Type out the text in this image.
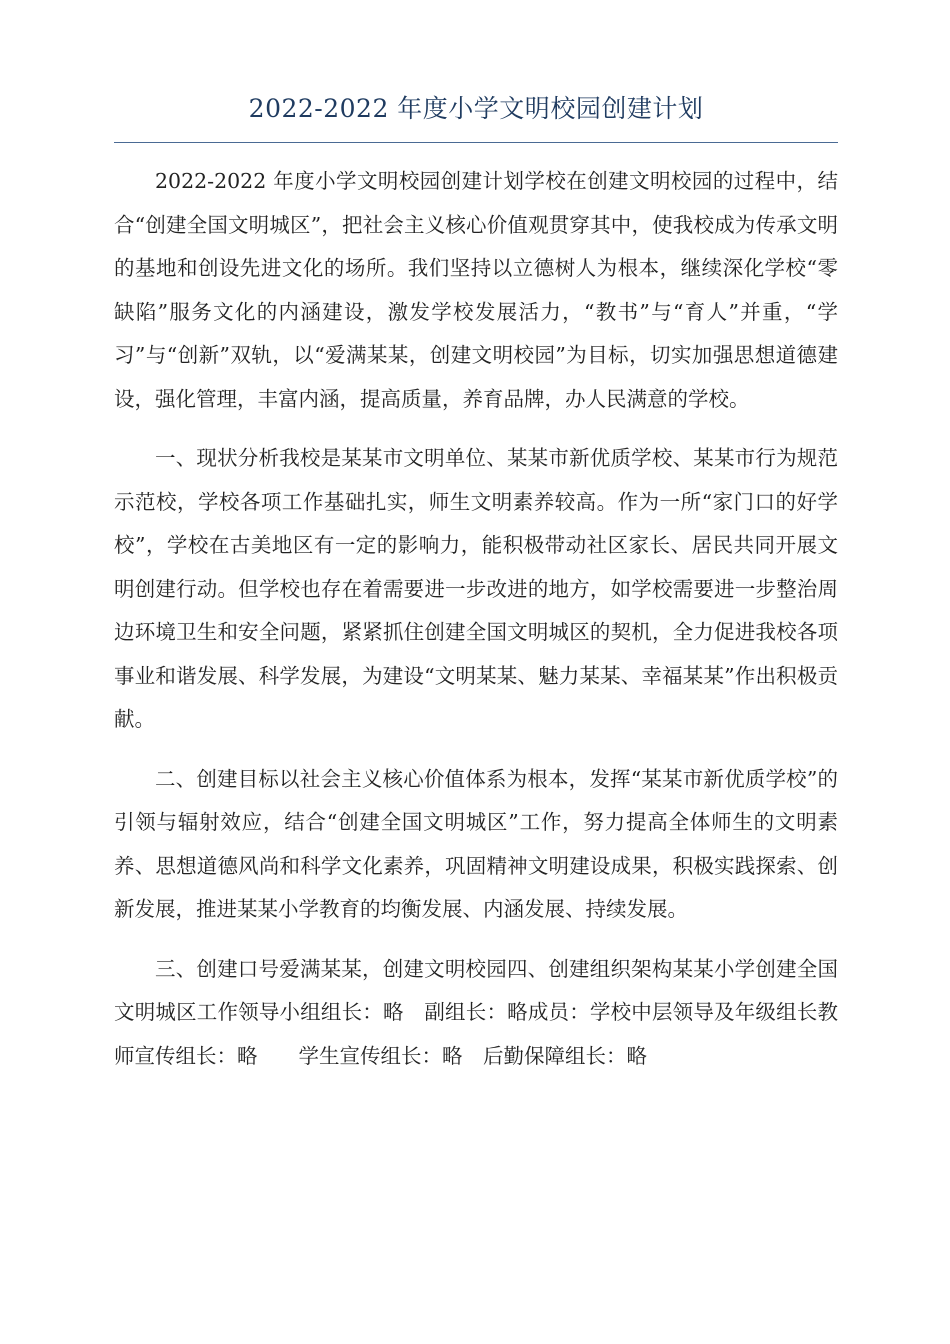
2022-2022 年度小学文明校园创建计划

2022-2022 年度小学文明校园创建计划学校在创建文明校园的过程中，结合“创建全国文明城区”，把社会主义核心价值观贯穿其中，使我校成为传承文明的基地和创设先进文化的场所。我们坚持以立德树人为根本，继续深化学校“零缺陷”服务文化的内涵建设，激发学校发展活力，“教书”与“育人”并重，“学习”与“创新”双轨，以“爱满某某，创建文明校园”为目标，切实加强思想道德建设，强化管理，丰富内涵，提高质量，养育品牌，办人民满意的学校。

一、现状分析我校是某某市文明单位、某某市新优质学校、某某市行为规范示范校，学校各项工作基础扎实，师生文明素养较高。作为一所“家门口的好学校”，学校在古美地区有一定的影响力，能积极带动社区家长、居民共同开展文明创建行动。但学校也存在着需要进一步改进的地方，如学校需要进一步整治周边环境卫生和安全问题，紧紧抓住创建全国文明城区的契机，全力促进我校各项事业和谐发展、科学发展，为建设“文明某某、魅力某某、幸福某某”作出积极贡献。

二、创建目标以社会主义核心价值体系为根本，发挥“某某市新优质学校”的引领与辐射效应，结合“创建全国文明城区”工作，努力提高全体师生的文明素养、思想道德风尚和科学文化素养，巩固精神文明建设成果，积极实践探索、创新发展，推进某某小学教育的均衡发展、内涵发展、持续发展。

三、创建口号爱满某某，创建文明校园四、创建组织架构某某小学创建全国文明城区工作领导小组组长：略　副组长：略成员：学校中层领导及年级组长教师宣传组长：略　　学生宣传组长：略　后勤保障组长：略
